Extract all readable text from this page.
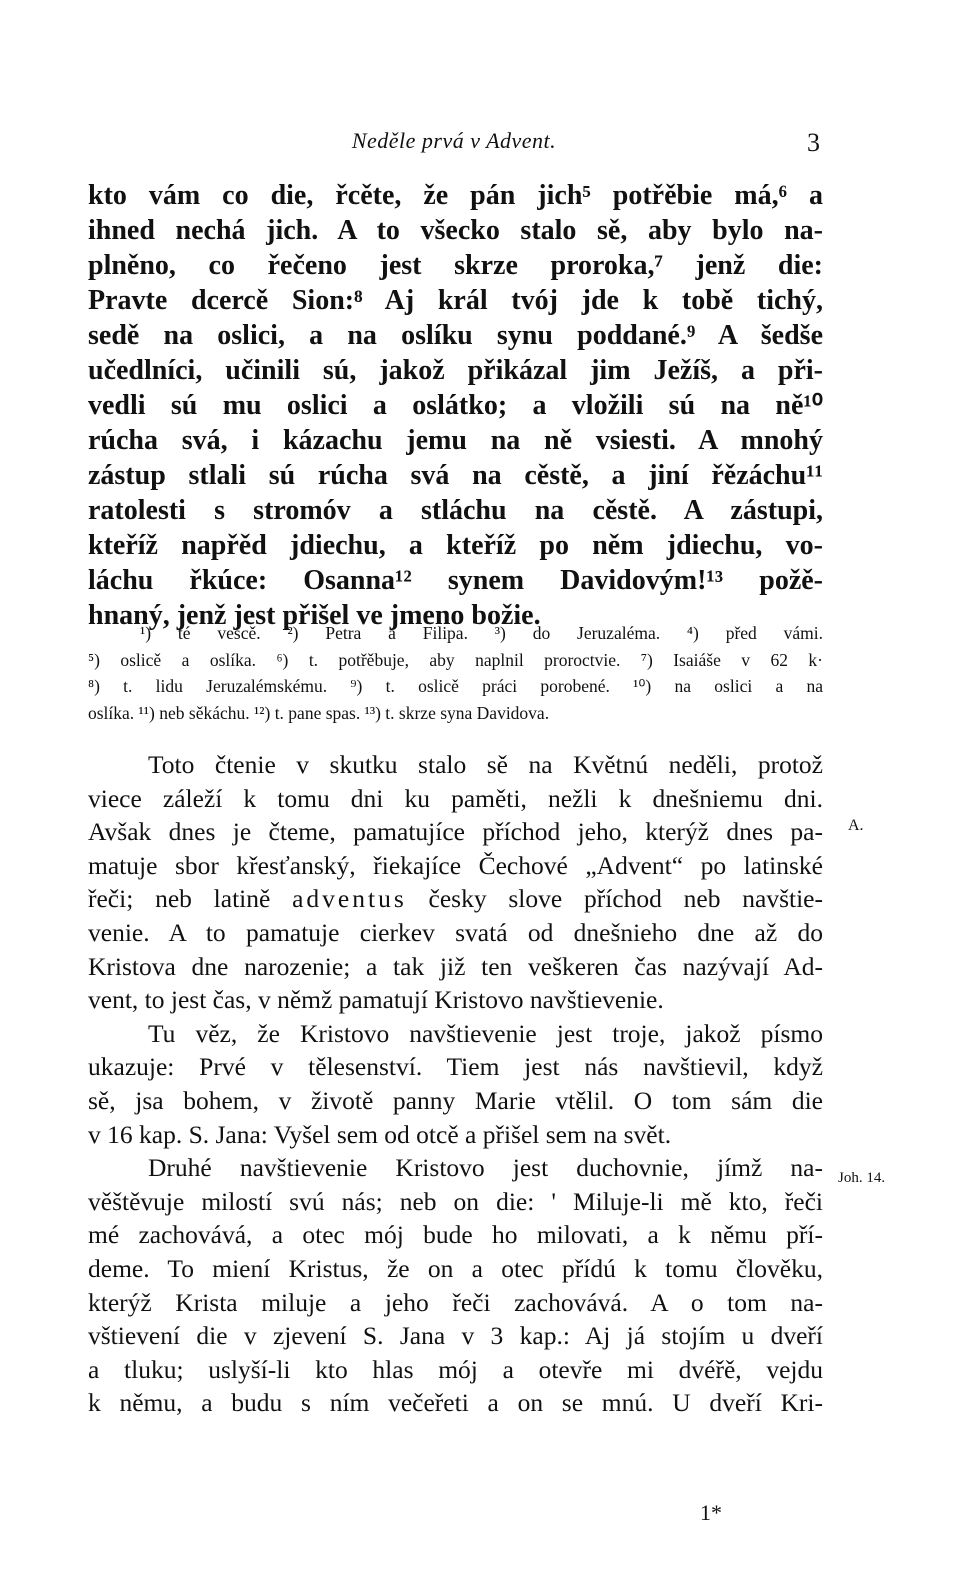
Neděle prvá v Advent.	3
kto vám co die, řcěte, že pán jich⁵ potřěbie má,⁶ a
ihned nechá jich. A to všecko stalo sě, aby bylo na-
plněno, co řečeno jest skrze proroka,⁷ jenž die:
Pravte dcercě Sion:⁸ Aj král tvój jde k tobě tichý,
sedě na oslici, a na oslíku synu poddané.⁹ A šedše
učedlníci, učinili sú, jakož přikázal jim Ježíš, a při-
vedli sú mu oslici a oslátko; a vložili sú na ně¹⁰
rúcha svá, i kázachu jemu na ně vsiesti. A mnohý
zástup stlali sú rúcha svá na cěstě, a jiní řězáchu¹¹
ratolesti s stromóv a stláchu na cěstě. A zástupi,
kteříž napřěd jdiechu, a kteříž po něm jdiechu, vo-
láchu řkúce: Osanna¹² synem Davidovým!¹³ požě-
hnaný, jenž jest přišel ve jmeno božie.
¹) té vescě. ²) Petra a Filipa. ³) do Jeruzaléma. ⁴) před vámi.
⁵) oslicě a oslíka. ⁶) t. potřěbuje, aby naplnil proroctvie. ⁷) Isaiáše v 62 k·
⁸) t. lidu Jeruzalémskému. ⁹) t. oslicě práci porobené. ¹⁰) na oslici a na
oslíka. ¹¹) neb sěkáchu. ¹²) t. pane spas. ¹³) t. skrze syna Davidova.
Toto čtenie v skutku stalo sě na Květnú neděli, protož
viece záleží k tomu dni ku paměti, nežli k dnešniemu dni.
Avšak dnes je čteme, pamatujíce příchod jeho, kterýž dnes pa-
matuje sbor křesťanský, řiekajíce Čechové „Advent“ po latinské
řeči; neb latině adventus česky slove příchod neb navštie-
venie. A to pamatuje cierkev svatá od dnešnieho dne až do
Kristova dne narozenie; a tak již ten veškeren čas nazývají Ad-
vent, to jest čas, v němž pamatují Kristovo navštievenie.
Tu věz, že Kristovo navštievenie jest troje, jakož písmo
ukazuje: Prvé v tělesenství. Tiem jest nás navštievil, když
sě, jsa bohem, v životě panny Marie vtělil. O tom sám die
v 16 kap. S. Jana: Vyšel sem od otcě a přišel sem na svět.
Druhé navštievenie Kristovo jest duchovnie, jímž na-
věštěvuje milostí svú nás; neb on die: ' Miluje-li mě kto, řeči
mé zachovává, a otec mój bude ho milovati, a k němu pří-
deme. To miení Kristus, že on a otec přídú k tomu člověku,
kterýž Krista miluje a jeho řeči zachovává. A o tom na-
vštievení die v zjevení S. Jana v 3 kap.: Aj já stojím u dveří
a tluku; uslyší-li kto hlas mój a otevře mi dvéřě, vejdu
k němu, a budu s ním večeřeti a on se mnú. U dveří Kri-
A.
Joh. 14.
1*
